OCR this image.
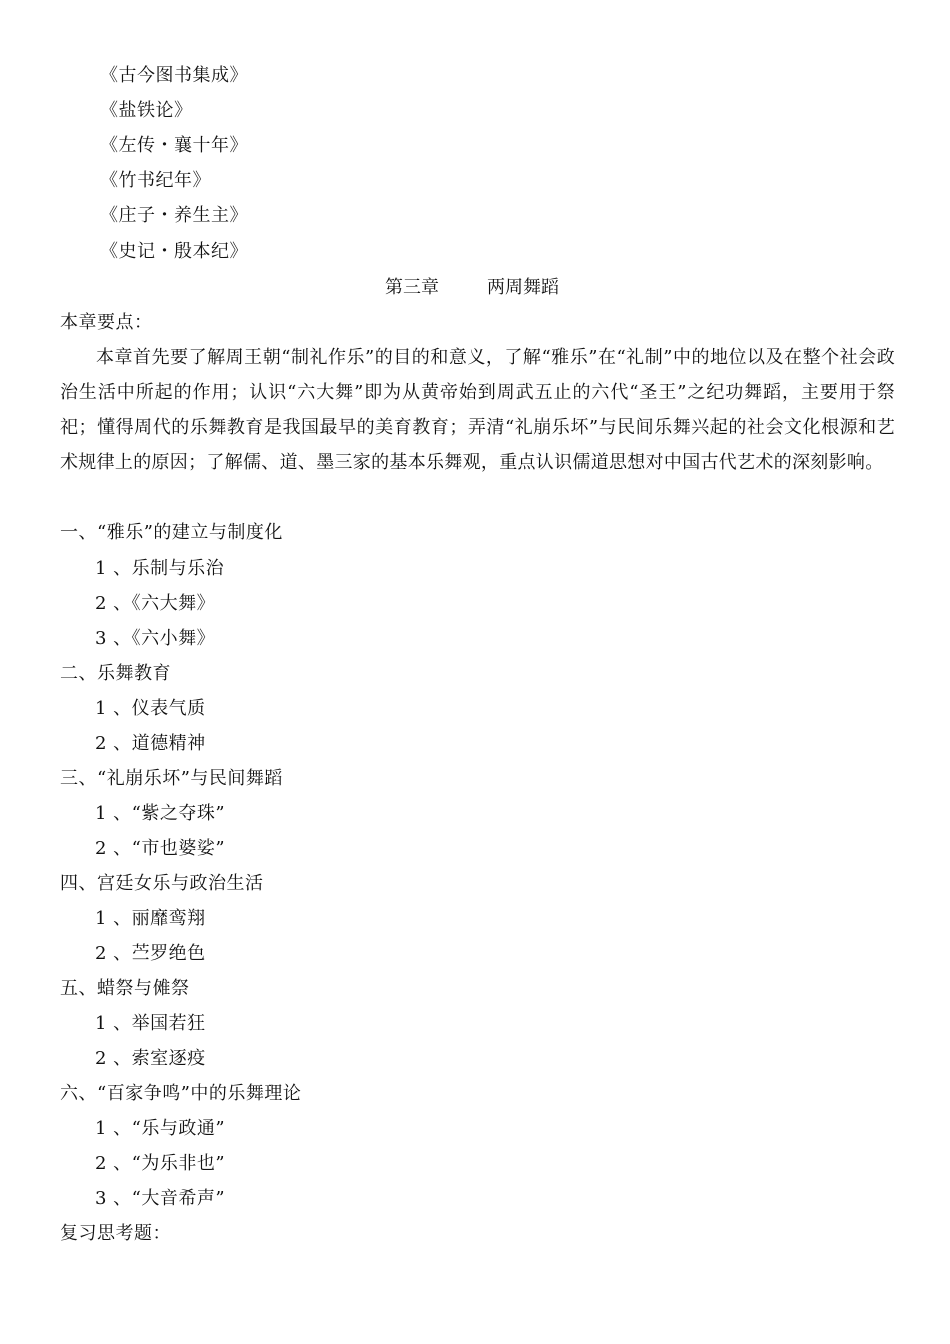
《古今图书集成》
《盐铁论》
《左传・襄十年》
《竹书纪年》
《庄子・养生主》
《史记・殷本纪》
第三章	两周舞蹈
本章要点：
本章首先要了解周王朝“制礼作乐”的目的和意义，了解“雅乐”在“礼制”中的地位以及在整个社会政治生活中所起的作用；认识“六大舞”即为从黄帝始到周武五止的六代“圣王”之纪功舞蹈，主要用于祭祀；懂得周代的乐舞教育是我国最早的美育教育；弄清“礼崩乐坏”与民间乐舞兴起的社会文化根源和艺术规律上的原因；了解儒、道、墨三家的基本乐舞观，重点认识儒道思想对中国古代艺术的深刻影响。
一、“雅乐”的建立与制度化
1 、乐制与乐治
2 、《六大舞》
3 、《六小舞》
二、乐舞教育
1 、仪表气质
2 、道德精神
三、“礼崩乐坏”与民间舞蹈
1 、“紫之夺珠”
2 、“市也婆娑”
四、宫廷女乐与政治生活
1 、丽靡鸾翔
2 、苎罗绝色
五、蜡祭与傩祭
1 、举国若狂
2 、索室逐疫
六、“百家争鸣”中的乐舞理论
1 、“乐与政通”
2 、“为乐非也”
3 、“大音希声”
复习思考题：
